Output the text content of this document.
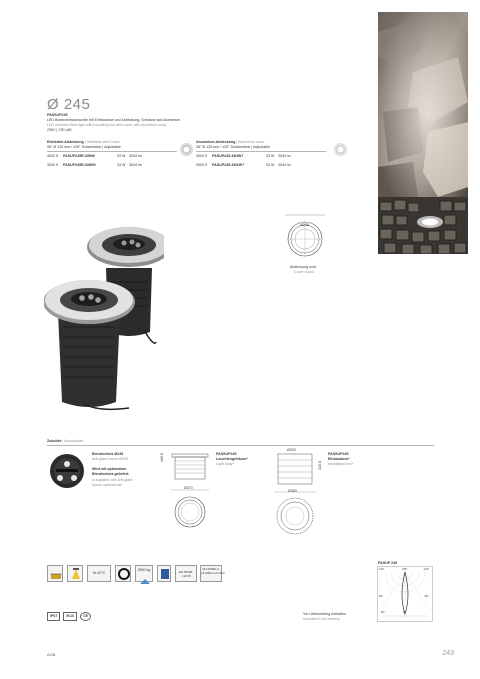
Ø 245
PASSUP245
LED Bodeneinbauleuchte mit Einbaudose und Abdeckung, Gehäuse aus Aluminium
LED recessed floor light with mounting box and cover, with aluminium body
230V | CRI ≥80
Edelstahl-Abdeckung | Stainless steel cover
38° Ø 125 mm / ±25° Schwenkbar | Adjustable
4000 K	PASUP245R-33NW	33 W	3044 lm
3000 K	PASUP245R-33WW	33 W	3044 lm
Aluminium-Abdeckung | Aluminium cover
38° Ø 125 mm / ±25° Schwenkbar | Adjustable
4000 K	PASUP245-33NW7	33 W	3044 lm
3000 K	PASUP245-33WW7	33 W	3044 lm
Ø245
Abdeckung rund
Cover round
Zubehör | Accessories
Blendschutz Ø245
Anti-glare louvre Ø245
Wird mit optionalem Blendschutz geliefert.
Is supplied with anti-glare louvre optional use.
160.8
Ø270
PASSUP245
Leuchtengehäuse*
Light body*
Ø230
320.8
Ø360
PASSUP245
Einbaudose*
Installation box*
Ta 40°C
3500 kg	EN 60598-1:2015
EN 60598-2-13:2006+A1:2012
IP67	IK10	CE
PASUP 245
120°	180°	-120°
90°	-90°
60°	0°
*im Lieferumfang enthalten
Included in the delivery
AGB	243
